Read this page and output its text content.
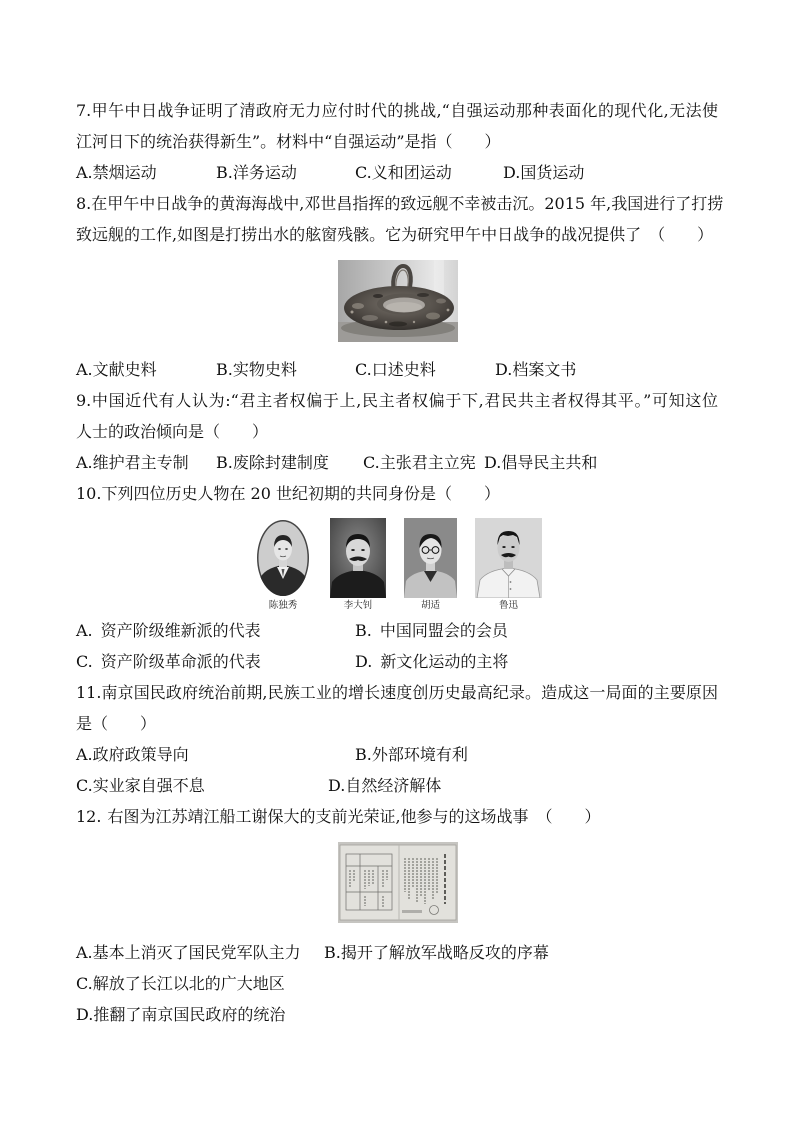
7.甲午中日战争证明了清政府无力应付时代的挑战,“自强运动那种表面化的现代化,无法使
江河日下的统治获得新生”。材料中“自强运动”是指（　　）
A.禁烟运动	B.洋务运动	C.义和团运动	D.国货运动
8.在甲午中日战争的黄海海战中,邓世昌指挥的致远舰不幸被击沉。2015 年,我国进行了打捞
致远舰的工作,如图是打捞出水的舷窗残骸。它为研究甲午中日战争的战况提供了　（　　）
A.文献史料	B.实物史料	C.口述史料	D.档案文书
9.中国近代有人认为:“君主者权偏于上,民主者权偏于下,君民共主者权得其平。”可知这位
人士的政治倾向是（　　）
A.维护君主专制 B.废除封建制度 C.主张君主立宪 D.倡导民主共和
10.下列四位历史人物在 20 世纪初期的共同身份是（　　）
陈独秀	李大钊	胡适	鲁迅
A. 资产阶级维新派的代表	B. 中国同盟会的会员
C. 资产阶级革命派的代表	D. 新文化运动的主将
11.南京国民政府统治前期,民族工业的增长速度创历史最高纪录。造成这一局面的主要原因
是（　　）
A.政府政策导向	B.外部环境有利
C.实业家自强不息	D.自然经济解体
12. 右图为江苏靖江船工谢保大的支前光荣证,他参与的这场战事　（　　）
A.基本上消灭了国民党军队主力 B.揭开了解放军战略反攻的序幕
C.解放了长江以北的广大地区
D.推翻了南京国民政府的统治
